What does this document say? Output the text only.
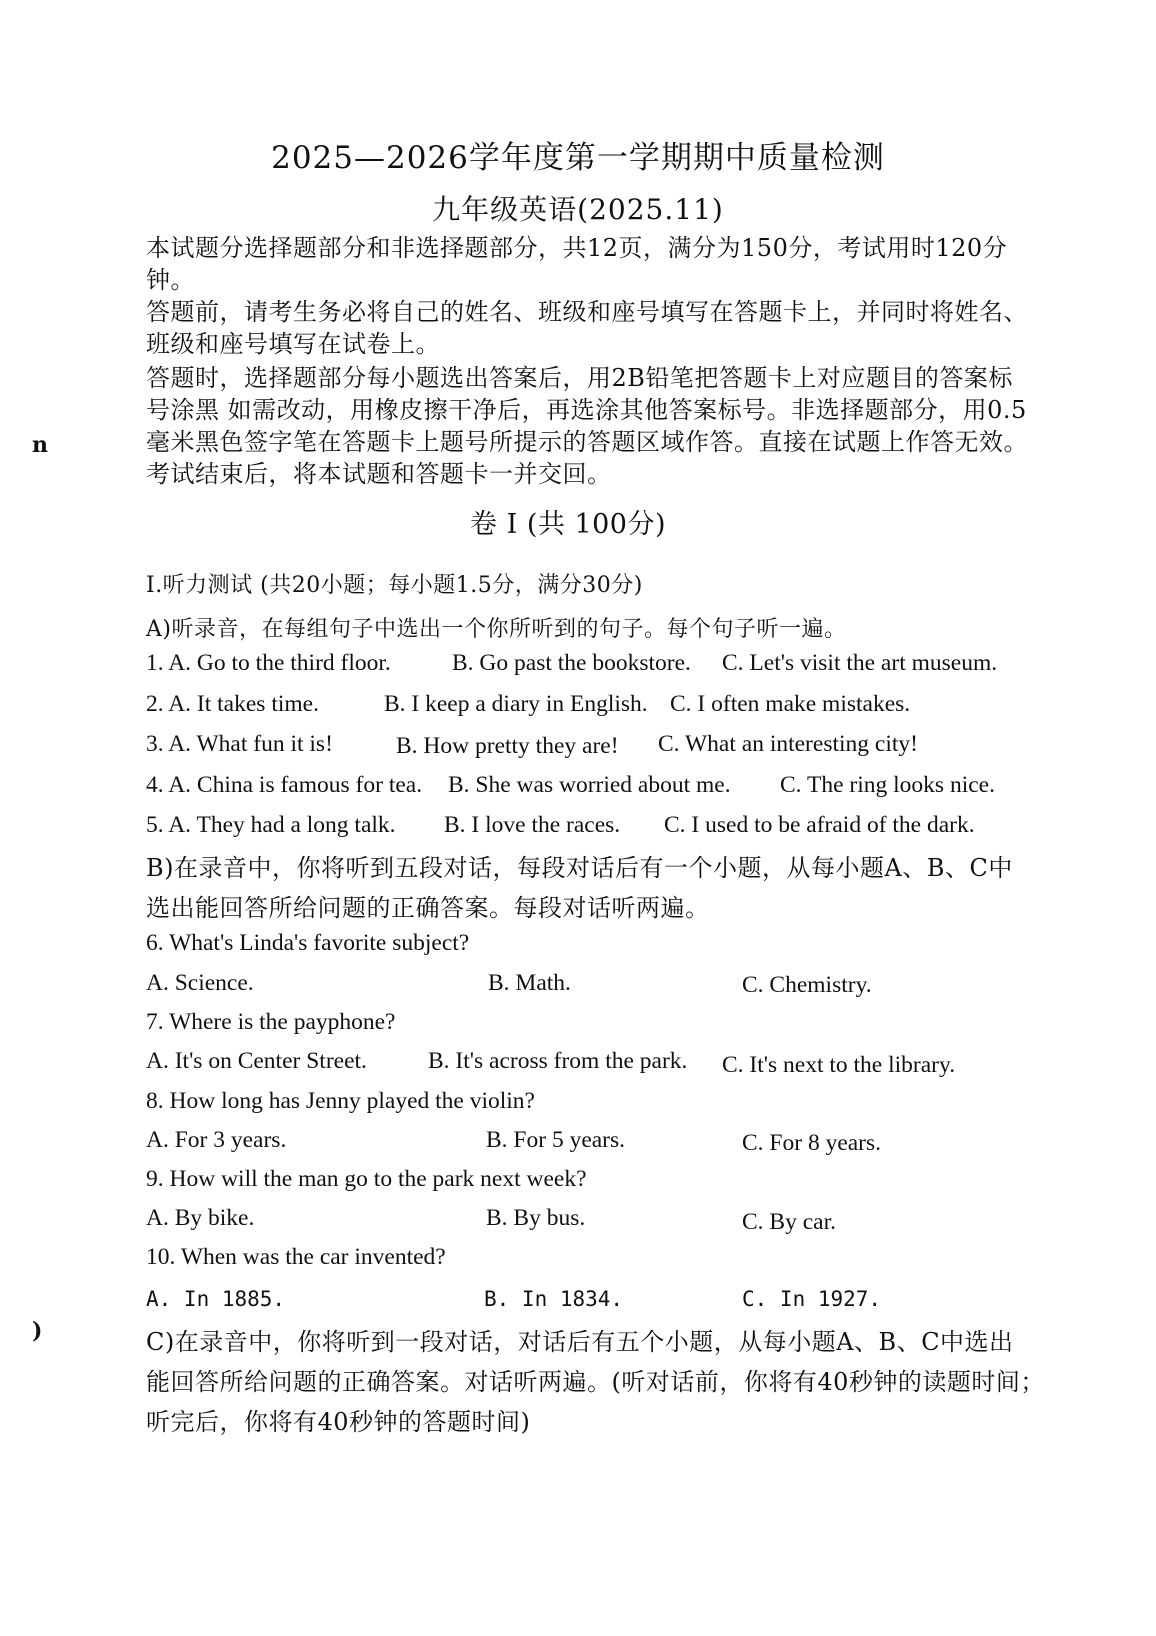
n
)
2025—2026学年度第一学期期中质量检测
九年级英语(2025.11)
本试题分选择题部分和非选择题部分，共12页，满分为150分，考试用时120分
钟。
答题前，请考生务必将自己的姓名、班级和座号填写在答题卡上，并同时将姓名、
班级和座号填写在试卷上。
答题时，选择题部分每小题选出答案后，用2B铅笔把答题卡上对应题目的答案标
号涂黑 如需改动，用橡皮擦干净后，再选涂其他答案标号。非选择题部分，用0.5
毫米黑色签字笔在答题卡上题号所提示的答题区域作答。直接在试题上作答无效。
考试结束后，将本试题和答题卡一并交回。
卷 I (共 100分)
I.听力测试 (共20小题；每小题1.5分，满分30分)
A)听录音，在每组句子中选出一个你所听到的句子。每个句子听一遍。
1. A. Go to the third floor.	B. Go past the bookstore. C. Let's visit the art museum.
2. A. It takes time.	B. I keep a diary in English. C. I often make mistakes.
3. A. What fun it is!	B. How pretty they are! C. What an interesting city!
4. A. China is famous for tea. B. She was worried about me. C. The ring looks nice.
5. A. They had a long talk. B. I love the races. C. I used to be afraid of the dark.
B)在录音中，你将听到五段对话，每段对话后有一个小题，从每小题A、B、C中
选出能回答所给问题的正确答案。每段对话听两遍。
6. What's Linda's favorite subject?
A. Science.	B. Math.	C. Chemistry.
7. Where is the payphone?
A. It's on Center Street.	B. It's across from the park. C. It's next to the library.
8. How long has Jenny played the violin?
A. For 3 years.	B. For 5 years.	C. For 8 years.
9. How will the man go to the park next week?
A. By bike.	B. By bus.	C. By car.
10. When was the car invented?
A. In 1885.	B. In 1834.	C. In 1927.
C)在录音中，你将听到一段对话，对话后有五个小题，从每小题A、B、C中选出
能回答所给问题的正确答案。对话听两遍。(听对话前，你将有40秒钟的读题时间；
听完后，你将有40秒钟的答题时间)
